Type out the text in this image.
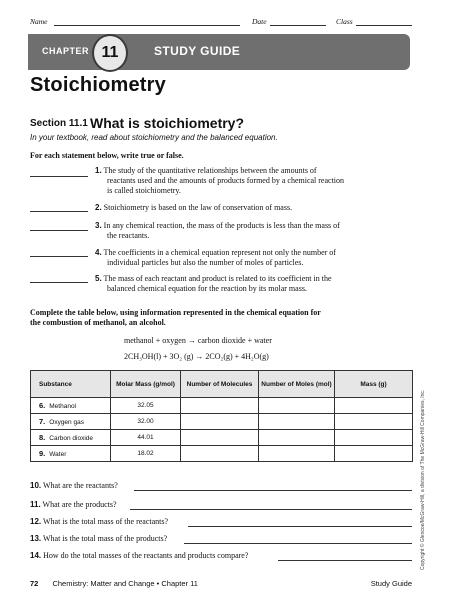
Name	Date	Class
CHAPTER	STUDY GUIDE
11
Stoichiometry
Section 11.1 What is stoichiometry?
In your textbook, read about stoichiometry and the balanced equation.
For each statement below, write true or false.
1. The study of the quantitative relationships between the amounts of
reactants used and the amounts of products formed by a chemical reaction
is called stoichiometry.
2. Stoichiometry is based on the law of conservation of mass.
3. In any chemical reaction, the mass of the products is less than the mass of
the reactants.
4. The coefficients in a chemical equation represent not only the number of
individual particles but also the number of moles of particles.
5. The mass of each reactant and product is related to its coefficient in the
balanced chemical equation for the reaction by its molar mass.
Complete the table below, using information represented in the chemical equation for
the combustion of methanol, an alcohol.
methanol + oxygen → carbon dioxide + water
2CH₃OH(l) + 3O₂ (g) → 2CO₂(g) + 4H₂O(g)
Substance	Molar Mass (g/mol)	Number of Molecules	Number of Moles (mol)	Mass (g)
6. Methanol	32.05			
7. Oxygen gas	32.00			
8. Carbon dioxide	44.01			
9. Water	18.02			
10. What are the reactants?
11. What are the products?
12. What is the total mass of the reactants?
13. What is the total mass of the products?
14. How do the total masses of the reactants and products compare?
72 Chemistry: Matter and Change • Chapter 11	Study Guide
Copyright © Glencoe/McGraw-Hill, a division of The McGraw-Hill Companies, Inc.
